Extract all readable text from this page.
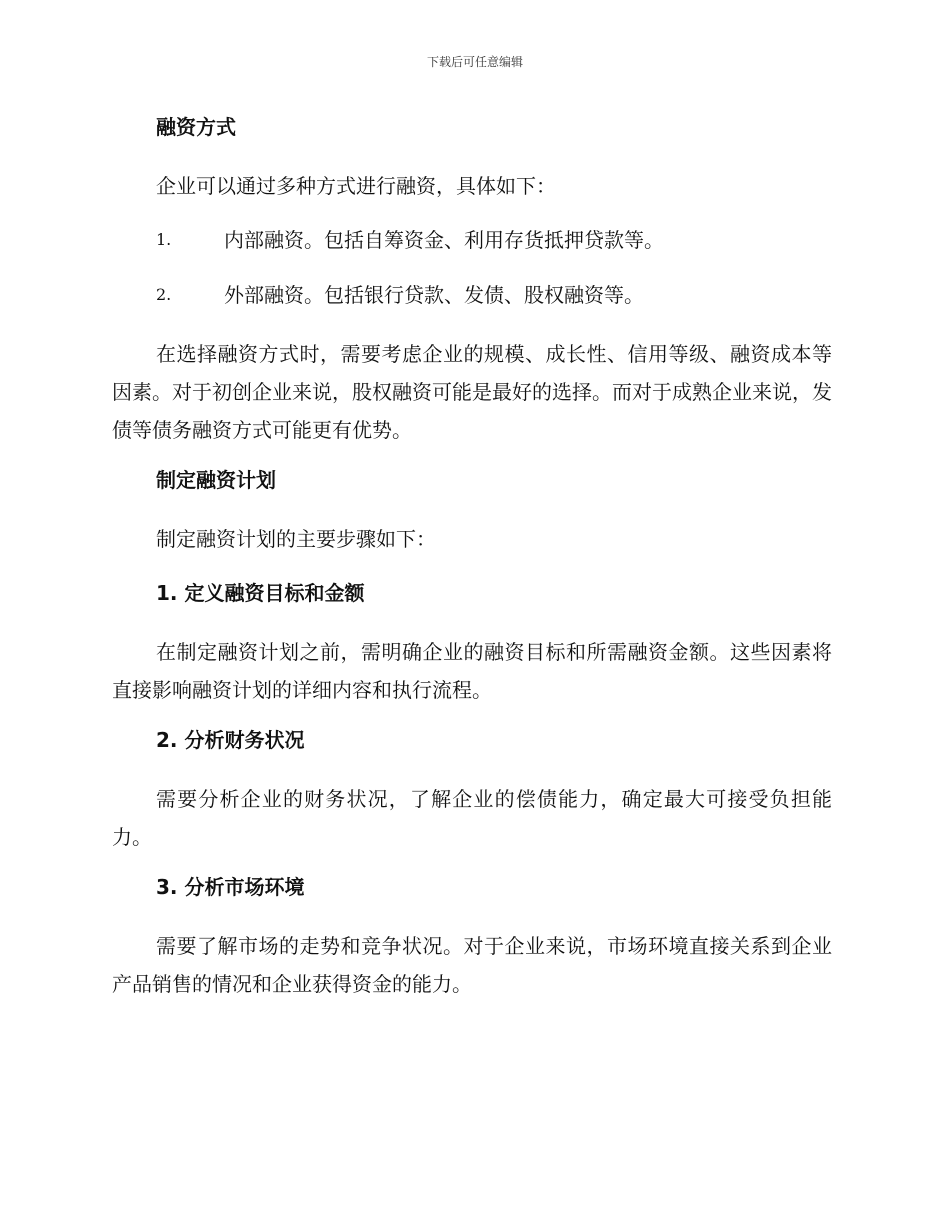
下载后可任意编辑
融资方式
企业可以通过多种方式进行融资，具体如下：
1.	内部融资。包括自筹资金、利用存货抵押贷款等。
2.	外部融资。包括银行贷款、发债、股权融资等。
在选择融资方式时，需要考虑企业的规模、成长性、信用等级、融资成本等因素。对于初创企业来说，股权融资可能是最好的选择。而对于成熟企业来说，发债等债务融资方式可能更有优势。
制定融资计划
制定融资计划的主要步骤如下：
1. 定义融资目标和金额
在制定融资计划之前，需明确企业的融资目标和所需融资金额。这些因素将直接影响融资计划的详细内容和执行流程。
2. 分析财务状况
需要分析企业的财务状况，了解企业的偿债能力，确定最大可接受负担能力。
3. 分析市场环境
需要了解市场的走势和竞争状况。对于企业来说，市场环境直接关系到企业产品销售的情况和企业获得资金的能力。
